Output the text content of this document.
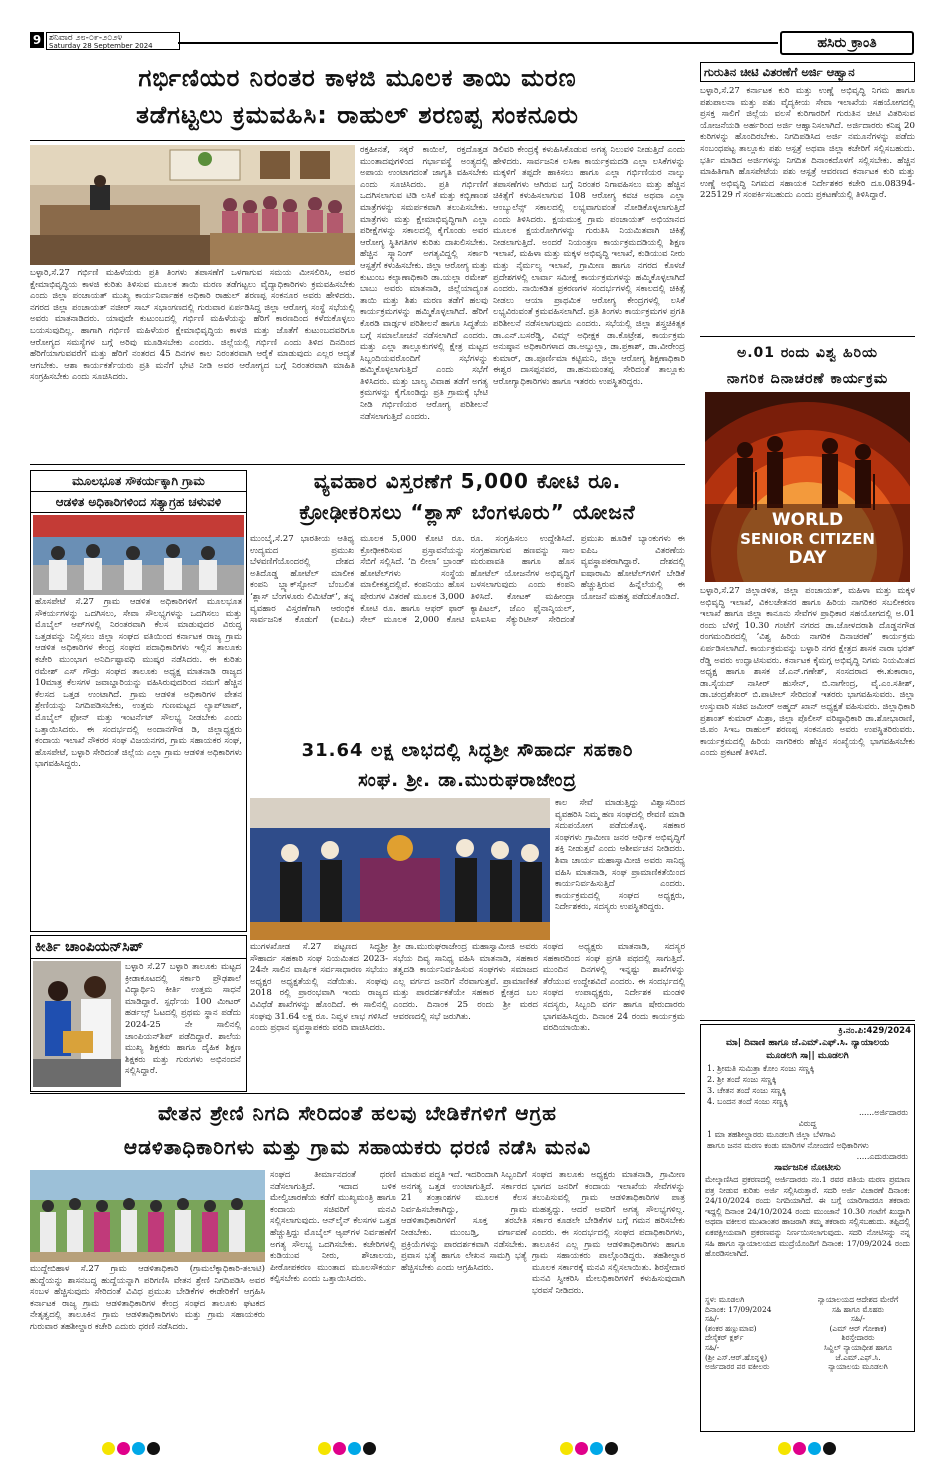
9 ಶನಿವಾರ ೨೮-೦೯-೨೦೨೪
Saturday 28 September 2024	ಹಸಿರು ಕ್ರಾಂತಿ
ಗರ್ಭಿಣಿಯರ ನಿರಂತರ ಕಾಳಜಿ ಮೂಲಕ ತಾಯಿ ಮರಣ
ತಡೆಗಟ್ಟಲು ಕ್ರಮವಹಿಸಿ: ರಾಹುಲ್ ಶರಣಪ್ಪ ಸಂಕನೂರು
ಬಳ್ಳಾರಿ,ಸೆ.27 ಗರ್ಭಿಣಿ ಮಹಿಳೆಯರು ಪ್ರತಿ ತಿಂಗಳು ತಪಾಸಣೆಗೆ ಒಳಗಾಗುವ ಸಮಯ ಮೀಸಲಿರಿಸಿ, ಅವರ ಕ್ಷೇಮಾಭಿವೃದ್ಧಿಯ ಕಾಳಜಿ ಕುರಿತು ತಿಳಿಸುವ ಮೂಲಕ ತಾಯಿ ಮರಣ ತಡೆಗಟ್ಟಲು ವೈದ್ಯಾಧಿಕಾರಿಗಳು ಕ್ರಮವಹಿಸಬೇಕು ಎಂದು ಜಿಲ್ಲಾ ಪಂಚಾಯತ್ ಮುಖ್ಯ ಕಾರ್ಯನಿರ್ವಾಹಕ ಅಧಿಕಾರಿ ರಾಹುಲ್ ಶರಣಪ್ಪ ಸಂಕನೂರ ಅವರು ಹೇಳಿದರು. ನಗರದ ಜಿಲ್ಲಾ ಪಂಚಾಯತ್ ನಜೀರ್ ಸಾಬ್ ಸಭಾಂಗಣದಲ್ಲಿ ಗುರುವಾರ ಏರ್ಪಡಿಸಿದ್ದ ಜಿಲ್ಲಾ ಆರೋಗ್ಯ ಸಂಸ್ಥೆ ಸಭೆಯಲ್ಲಿ ಅವರು ಮಾತನಾಡಿದರು. ಯಾವುದೇ ಕುಟುಂಬದಲ್ಲಿ ಗರ್ಭಿಣಿ ಮಹಿಳೆಯನ್ನು ಹೆರಿಗೆ ಕಾರಣದಿಂದ ಕಳೆದುಕೊಳ್ಳಲು ಬಯಸುವುದಿಲ್ಲ. ಹಾಗಾಗಿ ಗರ್ಭಿಣಿ ಮಹಿಳೆಯರ ಕ್ಷೇಮಾಭಿವೃದ್ಧಿಯ ಕಾಳಜಿ ಮತ್ತು ಜೊತೆಗೆ ಕುಟುಂಬದವರಿಗೂ ಆರೋಗ್ಯದ ಸಮಸ್ಯೆಗಳ ಬಗ್ಗೆ ಅರಿವು ಮೂಡಿಸಬೇಕು ಎಂದರು. ಜಿಲ್ಲೆಯಲ್ಲಿ ಗರ್ಭಿಣಿ ಎಂದು ತಿಳಿದ ದಿನದಿಂದ ಹೆರಿಗೆಯಾಗುವವರೆಗೆ ಮತ್ತು ಹೆರಿಗೆ ನಂತರದ 45 ದಿನಗಳ ಕಾಲ ನಿರಂತರವಾಗಿ ಆರೈಕೆ ಮಾಡುವುದು ಎಲ್ಲರ ಆದ್ಯತೆ ಆಗಬೇಕು. ಆಶಾ ಕಾರ್ಯಕರ್ತೆಯರು ಪ್ರತಿ ಮನೆಗೆ ಭೇಟಿ ನೀಡಿ ಅವರ ಆರೋಗ್ಯದ ಬಗ್ಗೆ ನಿರಂತರವಾಗಿ ಮಾಹಿತಿ ಸಂಗ್ರಹಿಸಬೇಕು ಎಂದು ಸೂಚಿಸಿದರು.
ರಕ್ತಹೀನತೆ, ಸಕ್ಕರೆ ಕಾಯಿಲೆ, ರಕ್ತದೊತ್ತಡ ಮುಂತಾದವುಗಳಿಂದ ಗರ್ಭಾವಸ್ಥೆ ಅಂತ್ಯದಲ್ಲಿ ಅಪಾಯ ಉಂಟಾಗದಂತೆ ಜಾಗೃತಿ ವಹಿಸಬೇಕು ಎಂದು ಸೂಚಿಸಿದರು. ಪ್ರತಿ ಗರ್ಭಿಣಿಗೆ ಒದಗಿಸಲಾಗುವ ಟಿಡಿ ಲಸಿಕೆ ಮತ್ತು ಕಬ್ಬಿಣಾಂಶ ಮಾತ್ರೆಗಳನ್ನು ಸಮರ್ಪಕವಾಗಿ ತಲುಪಿಸಬೇಕು. ಮಾತ್ರೆಗಳು ಮತ್ತು ಕ್ಷೇಮಾಭಿವೃದ್ಧಿಗಾಗಿ ಎಲ್ಲಾ ಪರೀಕ್ಷೆಗಳನ್ನು ಸಕಾಲದಲ್ಲಿ ಕೈಗೊಂಡು ಅವರ ಆರೋಗ್ಯ ಸ್ಥಿತಿಗತಿಗಳ ಕುರಿತು ದಾಖಲಿಸಬೇಕು. ಹೆಚ್ಚಿನ ಸ್ಕ್ಯಾನಿಂಗ್ ಅಗತ್ಯವಿದ್ದಲ್ಲಿ ಸರ್ಕಾರಿ ಆಸ್ಪತ್ರೆಗೆ ಕಳುಹಿಸಬೇಕು. ಜಿಲ್ಲಾ ಆರೋಗ್ಯ ಮತ್ತು ಕುಟುಂಬ ಕಲ್ಯಾಣಾಧಿಕಾರಿ ಡಾ.ಯಲ್ಲಾ ರಮೇಶ್ ಬಾಬು ಅವರು ಮಾತನಾಡಿ, ಜಿಲ್ಲೆಯಾದ್ಯಂತ ತಾಯಿ ಮತ್ತು ಶಿಶು ಮರಣ ತಡೆಗೆ ಹಲವು ಕಾರ್ಯಕ್ರಮಗಳನ್ನು ಹಮ್ಮಿಕೊಳ್ಳಲಾಗಿದೆ. ಹೆರಿಗೆ ಕೊಠಡಿ ವಾರ್ಡ್ಗಳ ಪರಿಶೀಲನೆ ಹಾಗೂ ಸಿದ್ಧತೆಯ ಬಗ್ಗೆ ಸಮಾಲೋಚನೆ ನಡೆಸಲಾಗಿದೆ ಎಂದರು. ಮತ್ತು ಎಲ್ಲಾ ತಾಲ್ಲೂಕುಗಳಲ್ಲಿ ಕ್ಷೇತ್ರ ಮಟ್ಟದ ಸಿಬ್ಬಂದಿಯವರೊಂದಿಗೆ ಸಭೆಗಳನ್ನು ಹಮ್ಮಿಕೊಳ್ಳಲಾಗುತ್ತಿದೆ ಎಂದು ಸಭೆಗೆ ತಿಳಿಸಿದರು. ಮತ್ತು ಬಾಲ್ಯ ವಿವಾಹ ತಡೆಗೆ ಅಗತ್ಯ ಕ್ರಮಗಳನ್ನು ಕೈಗೊಂಡಿದ್ದು ಪ್ರತಿ ಗ್ರಾಮಕ್ಕೆ ಭೇಟಿ ನೀಡಿ ಗರ್ಭಿಣಿಯರ ಆರೋಗ್ಯ ಪರಿಶೀಲನೆ ನಡೆಸಲಾಗುತ್ತಿದೆ ಎಂದರು.
ಡಿಲಿವರಿ ಕೇಂದ್ರಕ್ಕೆ ಕಳುಹಿಸಿಕೊಡುವ ಅಗತ್ಯ ನಿಲುವಳಿ ನೀಡುತ್ತಿದೆ ಎಂದು ಹೇಳಿದರು. ಸಾರ್ವಜನಿಕ ಲಸಿಕಾ ಕಾರ್ಯಕ್ರಮದಡಿ ಎಲ್ಲಾ ಲಸಿಕೆಗಳನ್ನು ಮಕ್ಕಳಿಗೆ ತಪ್ಪದೇ ಹಾಕಿಸಲು ಹಾಗೂ ಎಲ್ಲಾ ಗರ್ಭಿಣಿಯರ ನಾಲ್ಕು ತಪಾಸಣೆಗಳು ಆಗಿರುವ ಬಗ್ಗೆ ನಿರಂತರ ನಿಗಾವಹಿಸಲು ಮತ್ತು ಹೆಚ್ಚಿನ ಚಿಕಿತ್ಸೆಗೆ ಕಳುಹಿಸಲಾಗುವ 108 ಆರೋಗ್ಯ ಕವಚ ಅಥವಾ ಎಲ್ಲಾ ಆಂಬ್ಯುಲೆನ್ಸ್ ಸಕಾಲದಲ್ಲಿ ಲಭ್ಯವಾಗುವಂತೆ ನೋಡಿಕೊಳ್ಳಲಾಗುತ್ತಿದೆ ಎಂದು ತಿಳಿಸಿದರು. ಕ್ಷಯಮುಕ್ತ ಗ್ರಾಮ ಪಂಚಾಯತ್ ಅಭಿಯಾನದ ಮೂಲಕ ಕ್ಷಯರೋಗಿಗಳನ್ನು ಗುರುತಿಸಿ ನಿಯಮಿತವಾಗಿ ಚಿಕಿತ್ಸೆ ನೀಡಲಾಗುತ್ತಿದೆ. ಅಂದರೆ ನಿಯಂತ್ರಣ ಕಾರ್ಯಕ್ರಮದಡಿಯಲ್ಲಿ ಶಿಕ್ಷಣ ಇಲಾಖೆ, ಮಹಿಳಾ ಮತ್ತು ಮಕ್ಕಳ ಅಭಿವೃದ್ಧಿ ಇಲಾಖೆ, ಕುಡಿಯುವ ನೀರು ಮತ್ತು ನೈರ್ಮಲ್ಯ ಇಲಾಖೆ, ಗ್ರಾಮೀಣ ಹಾಗೂ ನಗರದ ಕೊಳಚೆ ಪ್ರದೇಶಗಳಲ್ಲಿ ಲಾರ್ವಾ ಸಮೀಕ್ಷೆ ಕಾರ್ಯಕ್ರಮಗಳನ್ನು ಹಮ್ಮಿಕೊಳ್ಳಲಾಗಿದೆ ಎಂದರು. ನಾಯಿಕಡಿತ ಪ್ರಕರಣಗಳ ಸಂದರ್ಭಗಳಲ್ಲಿ ಸಕಾಲದಲ್ಲಿ ಚಿಕಿತ್ಸೆ ನೀಡಲು ಆಯಾ ಪ್ರಾಥಮಿಕ ಆರೋಗ್ಯ ಕೇಂದ್ರಗಳಲ್ಲಿ ಲಸಿಕೆ ಲಭ್ಯವಿರುವಂತೆ ಕ್ರಮವಹಿಸಲಾಗಿದೆ. ಪ್ರತಿ ತಿಂಗಳು ಕಾರ್ಯಕ್ರಮಗಳ ಪ್ರಗತಿ ಪರಿಶೀಲನೆ ನಡೆಸಲಾಗುವುದು ಎಂದರು. ಸಭೆಯಲ್ಲಿ ಜಿಲ್ಲಾ ಶಸ್ತ್ರಚಿಕಿತ್ಸಕ ಡಾ.ಎನ್.ಬಸರೆಡ್ಡಿ, ವಿಮ್ಸ್ ಅಧೀಕ್ಷಕ ಡಾ.ಕೊಟ್ರೇಶ, ಕಾರ್ಯಕ್ರಮ ಅನುಷ್ಠಾನ ಅಧಿಕಾರಿಗಳಾದ ಡಾ.ಅಬ್ದುಲ್ಲಾ, ಡಾ.ಪ್ರಕಾಶ್, ಡಾ.ವೀರೇಂದ್ರ ಕುಮಾರ್, ಡಾ.ಪೂರ್ಣಿಮಾ ಕಟ್ಟಿಮನಿ, ಜಿಲ್ಲಾ ಆರೋಗ್ಯ ಶಿಕ್ಷಣಾಧಿಕಾರಿ ಈಶ್ವರ ದಾಸಪ್ಪನವರ, ಡಾ.ಹನುಮಂತಪ್ಪ ಸೇರಿದಂತೆ ತಾಲ್ಲೂಕು ಆರೋಗ್ಯಾಧಿಕಾರಿಗಳು ಹಾಗೂ ಇತರರು ಉಪಸ್ಥಿತರಿದ್ದರು.
ಮೂಲಭೂತ ಸೌಕರ್ಯಕ್ಕಾಗಿ ಗ್ರಾಮ
ಆಡಳಿತ ಅಧಿಕಾರಿಗಳಿಂದ ಸತ್ಯಾಗ್ರಹ ಚಳುವಳಿ
ಹೊಸಪೇಟೆ ಸೆ.27 ಗ್ರಾಮ ಆಡಳಿತ ಅಧಿಕಾರಿಗಳಿಗೆ ಮೂಲಭೂತ ಸೌಕರ್ಯಗಳನ್ನು ಒದಗಿಸಲು, ಸೇವಾ ಸೌಲಭ್ಯಗಳನ್ನು ಒದಗಿಸಲು ಮತ್ತು ಮೊಬೈಲ್ ಆಪ್‌ಗಳಲ್ಲಿ ನಿರಂತರವಾಗಿ ಕೆಲಸ ಮಾಡುವುದರ ವಿರುದ್ಧ ಒತ್ತಡವನ್ನು ನಿಲ್ಲಿಸಲು ಜಿಲ್ಲಾ ಸಂಘದ ವತಿಯಿಂದ ಕರ್ನಾಟಕ ರಾಜ್ಯ ಗ್ರಾಮ ಆಡಳಿತ ಅಧಿಕಾರಿಗಳ ಕೇಂದ್ರ ಸಂಘದ ಪದಾಧಿಕಾರಿಗಳು ಇಲ್ಲಿನ ತಾಲೂಕು ಕಚೇರಿ ಮುಂಭಾಗ ಅನಿರ್ದಿಷ್ಟಾವಧಿ ಮುಷ್ಕರ ನಡೆಸಿದರು. ಈ ಕುರಿತು ರಮೇಶ್ ಎಸ್ ಗೌಡ್ರು ಸಂಘದ ತಾಲೂಕು ಅಧ್ಯಕ್ಷ ಮಾತನಾಡಿ ರಾಜ್ಯದ 10ಮಾತ್ರ ಕೆಲಸಗಳ ಜವಾಬ್ದಾರಿಯನ್ನು ವಹಿಸಿರುವುದರಿಂದ ನಮಗೆ ಹೆಚ್ಚಿನ ಕೆಲಸದ ಒತ್ತಡ ಉಂಟಾಗಿದೆ. ಗ್ರಾಮ ಆಡಳಿತ ಅಧಿಕಾರಿಗಳ ವೇತನ ಶ್ರೇಣಿಯನ್ನು ನಿಗದಿಪಡಿಸಬೇಕು, ಉತ್ತಮ ಗುಣಮಟ್ಟದ ಲ್ಯಾಪ್‌ಟಾಪ್, ಮೊಬೈಲ್ ಫೋನ್ ಮತ್ತು ಇಂಟರ್ನೆಟ್ ಸೌಲಭ್ಯ ನೀಡಬೇಕು ಎಂದು ಒತ್ತಾಯಿಸಿದರು. ಈ ಸಂದರ್ಭದಲ್ಲಿ ಅಂದಾನಗೌಡ ಡಿ, ಜಿಲ್ಲಾಧ್ಯಕ್ಷರು ಕಂದಾಯ ಇಲಾಖೆ ನೌಕರರ ಸಂಘ ವಿಜಯನಗರ, ಗ್ರಾಮ ಸಹಾಯಕರ ಸಂಘ, ಹೊಸಪೇಟೆ, ಬಳ್ಳಾರಿ ಸೇರಿದಂತೆ ಜಿಲ್ಲೆಯ ಎಲ್ಲಾ ಗ್ರಾಮ ಆಡಳಿತ ಅಧಿಕಾರಿಗಳು ಭಾಗವಹಿಸಿದ್ದರು.
ವ್ಯವಹಾರ ವಿಸ್ತರಣೆಗೆ 5,000 ಕೋಟಿ ರೂ.
ಕ್ರೋಢೀಕರಿಸಲು “ಶ್ಲಾಸ್ ಬೆಂಗಳೂರು” ಯೋಜನೆ
ಮುಂಬೈ,ಸೆ.27 ಭಾರತೀಯ ಆತಿಥ್ಯ ಉದ್ಯಮದ ಪ್ರಮುಖ ಬೆಳವಣಿಗೆಯೊಂದರಲ್ಲಿ ದೇಶದ ಅತಿದೊಡ್ಡ ಹೋಟೆಲ್ ಮಾಲೀಕ ಕಂಪನಿ ಬ್ಲ್ಯಾಕ್‌ಸ್ಟೋನ್ ಬೆಂಬಲಿತ ‘ಶ್ಲಾಸ್ ಬೆಂಗಳೂರು ಲಿಮಿಟೆಡ್’, ತನ್ನ ವ್ಯವಹಾರ ವಿಸ್ತರಣೆಗಾಗಿ ಆರಂಭಿಕ ಸಾರ್ವಜನಿಕ ಕೊಡುಗೆ (ಐಪಿಒ) ಮೂಲಕ 5,000 ಕೋಟಿ ರೂ. ಕ್ರೋಢೀಕರಿಸುವ ಪ್ರಸ್ತಾವನೆಯನ್ನು ಸೆಬಿಗೆ ಸಲ್ಲಿಸಿದೆ. ‘ದಿ ಲೀಲಾ’ ಬ್ರಾಂಡ್ ಹೋಟೆಲ್‌ಗಳು ಸಂಸ್ಥೆಯ ಮಾಲೀಕತ್ವದಲ್ಲಿವೆ. ಕಂಪನಿಯು ಹೊಸ ಷೇರುಗಳ ವಿತರಣೆ ಮೂಲಕ 3,000 ಕೋಟಿ ರೂ. ಹಾಗೂ ಆಫರ್ ಫಾರ್ ಸೇಲ್ ಮೂಲಕ 2,000 ಕೋಟಿ ರೂ. ಸಂಗ್ರಹಿಸಲು ಉದ್ದೇಶಿಸಿದೆ. ಸಂಗ್ರಹವಾಗುವ ಹಣವನ್ನು ಸಾಲ ಮರುಪಾವತಿ ಹಾಗೂ ಹೊಸ ಹೋಟೆಲ್ ಯೋಜನೆಗಳ ಅಭಿವೃದ್ಧಿಗೆ ಬಳಸಲಾಗುವುದು ಎಂದು ಕಂಪನಿ ತಿಳಿಸಿದೆ. ಕೋಟಕ್ ಮಹೀಂದ್ರಾ ಕ್ಯಾಪಿಟಲ್, ಜೆಎಂ ಫೈನಾನ್ಶಿಯಲ್, ಐಸಿಐಸಿಐ ಸೆಕ್ಯುರಿಟೀಸ್ ಸೇರಿದಂತೆ ಪ್ರಮುಖ ಹೂಡಿಕೆ ಬ್ಯಾಂಕುಗಳು ಈ ಐಪಿಒ ವಿತರಣೆಯ ವ್ಯವಸ್ಥಾಪಕರಾಗಿದ್ದಾರೆ. ದೇಶದಲ್ಲಿ ಐಷಾರಾಮಿ ಹೋಟೆಲ್‌ಗಳಿಗೆ ಬೇಡಿಕೆ ಹೆಚ್ಚುತ್ತಿರುವ ಹಿನ್ನೆಲೆಯಲ್ಲಿ ಈ ಯೋಜನೆ ಮಹತ್ವ ಪಡೆದುಕೊಂಡಿದೆ.
31.64 ಲಕ್ಷ ಲಾಭದಲ್ಲಿ ಸಿದ್ಧಶ್ರೀ ಸೌಹಾರ್ದ ಸಹಕಾರಿ
ಸಂಘ. ಶ್ರೀ. ಡಾ.ಮುರುಘರಾಜೇಂದ್ರ
ಕಾಲ ಸೇವೆ ಮಾಡುತ್ತಿದ್ದು ವಿಶ್ವಾಸದಿಂದ ವ್ಯವಹರಿಸಿ ನಿಮ್ಮ ಹಣ ಸಂಘದಲ್ಲಿ ಠೇವಣಿ ಮಾಡಿ ಸದುಪಯೋಗ ಪಡೆದುಕೊಳ್ಳಿ. ಸಹಕಾರ ಸಂಘಗಳು ಗ್ರಾಮೀಣ ಜನರ ಆರ್ಥಿಕ ಅಭಿವೃದ್ಧಿಗೆ ಶಕ್ತಿ ನೀಡುತ್ತವೆ ಎಂದು ಆಶೀರ್ವಚನ ನೀಡಿದರು. ಶಿವಾ ಚಾರ್ಯ ಮಹಾಸ್ವಾಮೀಜಿ ಅವರು ಸಾನಿಧ್ಯ ವಹಿಸಿ ಮಾತನಾಡಿ, ಸಂಘ ಪ್ರಾಮಾಣಿಕತೆಯಿಂದ ಕಾರ್ಯನಿರ್ವಹಿಸುತ್ತಿದೆ ಎಂದರು. ಕಾರ್ಯಕ್ರಮದಲ್ಲಿ ಸಂಘದ ಅಧ್ಯಕ್ಷರು, ನಿರ್ದೇಶಕರು, ಸದಸ್ಯರು ಉಪಸ್ಥಿತರಿದ್ದರು.
ಮುಗಳಖೋಡ ಸೆ.27 ಪಟ್ಟಣದ ಸಿದ್ಧಶ್ರೀ ಸೌಹಾರ್ದ ಸಹಕಾರಿ ಸಂಘ ನಿಯಮಿತದ 2023-24ನೇ ಸಾಲಿನ ವಾರ್ಷಿಕ ಸರ್ವಸಾಧಾರಣ ಸಭೆಯು ಅಧ್ಯಕ್ಷರ ಅಧ್ಯಕ್ಷತೆಯಲ್ಲಿ ನಡೆಯಿತು. ಸಂಘವು 2018 ರಲ್ಲಿ ಪ್ರಾರಂಭವಾಗಿ ಇಂದು ರಾಜ್ಯದ ವಿವಿಧೆಡೆ ಶಾಖೆಗಳನ್ನು ಹೊಂದಿದೆ. ಈ ಸಾಲಿನಲ್ಲಿ ಸಂಘವು 31.64 ಲಕ್ಷ ರೂ. ನಿವ್ವಳ ಲಾಭ ಗಳಿಸಿದೆ ಎಂದು ಪ್ರಧಾನ ವ್ಯವಸ್ಥಾಪಕರು ವರದಿ ವಾಚಿಸಿದರು.
ಶ್ರೀ ಡಾ.ಮುರುಘರಾಜೇಂದ್ರ ಮಹಾಸ್ವಾಮೀಜಿ ಅವರು ಸಭೆಯ ದಿವ್ಯ ಸಾನಿಧ್ಯ ವಹಿಸಿ ಮಾತನಾಡಿ, ಸಹಕಾರ ತತ್ವದಡಿ ಕಾರ್ಯನಿರ್ವಹಿಸುವ ಸಂಘಗಳು ಸಮಾಜದ ಎಲ್ಲ ವರ್ಗದ ಜನರಿಗೆ ನೆರವಾಗುತ್ತವೆ. ಪ್ರಾಮಾಣಿಕತೆ ಮತ್ತು ಪಾರದರ್ಶಕತೆಯೇ ಸಹಕಾರ ಕ್ಷೇತ್ರದ ಬಲ ಎಂದರು. ದಿನಾಂಕ 25 ರಂದು ಶ್ರೀ ಮಠದ ಆವರಣದಲ್ಲಿ ಸಭೆ ಜರುಗಿತು.
ಸಂಘದ ಅಧ್ಯಕ್ಷರು ಮಾತನಾಡಿ, ಸದಸ್ಯರ ಸಹಕಾರದಿಂದ ಸಂಘ ಪ್ರಗತಿ ಪಥದಲ್ಲಿ ಸಾಗುತ್ತಿದೆ. ಮುಂದಿನ ದಿನಗಳಲ್ಲಿ ಇನ್ನಷ್ಟು ಶಾಖೆಗಳನ್ನು ತೆರೆಯುವ ಉದ್ದೇಶವಿದೆ ಎಂದರು. ಈ ಸಂದರ್ಭದಲ್ಲಿ ಸಂಘದ ಉಪಾಧ್ಯಕ್ಷರು, ನಿರ್ದೇಶಕ ಮಂಡಳಿ ಸದಸ್ಯರು, ಸಿಬ್ಬಂದಿ ವರ್ಗ ಹಾಗೂ ಷೇರುದಾರರು ಭಾಗವಹಿಸಿದ್ದರು. ದಿನಾಂಕ 24 ರಂದು ಕಾರ್ಯಕ್ರಮ ವರದಿಯಾಯಿತು.
ಕೀರ್ತಿ ಚಾಂಪಿಯನ್‌ಸಿಪ್
ಬಳ್ಳಾರಿ ಸೆ.27 ಬಳ್ಳಾರಿ ತಾಲೂಕು ಮಟ್ಟದ ಕ್ರೀಡಾಕೂಟದಲ್ಲಿ ಸರ್ಕಾರಿ ಪ್ರೌಢಶಾಲೆ ವಿದ್ಯಾರ್ಥಿನಿ ಕೀರ್ತಿ ಉತ್ತಮ ಸಾಧನೆ ಮಾಡಿದ್ದಾರೆ. ಸ್ಪರ್ಧೆಯ 100 ಮೀಟರ್ ಹರ್ಡಲ್ಸ್ ಓಟದಲ್ಲಿ ಪ್ರಥಮ ಸ್ಥಾನ ಪಡೆದು 2024-25 ನೇ ಸಾಲಿನಲ್ಲಿ ಚಾಂಪಿಯನ್‌ಶಿಪ್ ಪಡೆದಿದ್ದಾರೆ. ಶಾಲೆಯ ಮುಖ್ಯ ಶಿಕ್ಷಕರು ಹಾಗೂ ದೈಹಿಕ ಶಿಕ್ಷಣ ಶಿಕ್ಷಕರು ಮತ್ತು ಗುರುಗಳು ಅಭಿನಂದನೆ ಸಲ್ಲಿಸಿದ್ದಾರೆ.
ಗುರುತಿನ ಚೀಟಿ ವಿತರಣೆಗೆ ಅರ್ಜಿ ಆಹ್ವಾನ
ಬಳ್ಳಾರಿ,ಸೆ.27 ಕರ್ನಾಟಕ ಕುರಿ ಮತ್ತು ಉಣ್ಣೆ ಅಭಿವೃದ್ಧಿ ನಿಗಮ ಹಾಗೂ ಪಶುಪಾಲನಾ ಮತ್ತು ಪಶು ವೈದ್ಯಕೀಯ ಸೇವಾ ಇಲಾಖೆಯ ಸಹಯೋಗದಲ್ಲಿ ಪ್ರಸಕ್ತ ಸಾಲಿಗೆ ಜಿಲ್ಲೆಯ ವಲಸೆ ಕುರಿಗಾರರಿಗೆ ಗುರುತಿನ ಚೀಟಿ ವಿತರಿಸುವ ಯೋಜನೆಯಡಿ ಅರ್ಹರಿಂದ ಅರ್ಜಿ ಆಹ್ವಾನಿಸಲಾಗಿದೆ. ಅರ್ಜಿದಾರರು ಕನಿಷ್ಠ 20 ಕುರಿಗಳನ್ನು ಹೊಂದಿರಬೇಕು. ನಿಗದಿಪಡಿಸಿದ ಅರ್ಜಿ ನಮೂನೆಗಳನ್ನು ಪಡೆದು ಸಂಬಂಧಪಟ್ಟ ತಾಲ್ಲೂಕು ಪಶು ಆಸ್ಪತ್ರೆ ಅಥವಾ ಜಿಲ್ಲಾ ಕಚೇರಿಗೆ ಸಲ್ಲಿಸಬಹುದು. ಭರ್ತಿ ಮಾಡಿದ ಅರ್ಜಿಗಳನ್ನು ನಿಗದಿತ ದಿನಾಂಕದೊಳಗೆ ಸಲ್ಲಿಸಬೇಕು. ಹೆಚ್ಚಿನ ಮಾಹಿತಿಗಾಗಿ ಹೊಸಪೇಟೆಯ ಪಶು ಆಸ್ಪತ್ರೆ ಆವರಣದ ಕರ್ನಾಟಕ ಕುರಿ ಮತ್ತು ಉಣ್ಣೆ ಅಭಿವೃದ್ಧಿ ನಿಗಮದ ಸಹಾಯಕ ನಿರ್ದೇಶಕರ ಕಚೇರಿ ದೂ.08394-225129 ಗೆ ಸಂಪರ್ಕಿಸಬಹುದು ಎಂದು ಪ್ರಕಟಣೆಯಲ್ಲಿ ತಿಳಿಸಿದ್ದಾರೆ.
ಅ.01 ರಂದು ವಿಶ್ವ ಹಿರಿಯ
ನಾಗರಿಕ ದಿನಾಚರಣೆ ಕಾರ್ಯಕ್ರಮ
WORLD
SENIOR CITIZEN
DAY
ಬಳ್ಳಾರಿ,ಸೆ.27 ಜಿಲ್ಲಾಡಳಿತ, ಜಿಲ್ಲಾ ಪಂಚಾಯತ್, ಮಹಿಳಾ ಮತ್ತು ಮಕ್ಕಳ ಅಭಿವೃದ್ಧಿ ಇಲಾಖೆ, ವಿಕಲಚೇತನರ ಹಾಗೂ ಹಿರಿಯ ನಾಗರಿಕರ ಸಬಲೀಕರಣ ಇಲಾಖೆ ಹಾಗೂ ಜಿಲ್ಲಾ ಕಾನೂನು ಸೇವೆಗಳ ಪ್ರಾಧಿಕಾರ ಸಹಯೋಗದಲ್ಲಿ ಅ.01 ರಂದು ಬೆಳಿಗ್ಗೆ 10.30 ಗಂಟೆಗೆ ನಗರದ ಡಾ.ಜೋಳದರಾಶಿ ದೊಡ್ಡನಗೌಡ ರಂಗಮಂದಿರದಲ್ಲಿ ‘ವಿಶ್ವ ಹಿರಿಯ ನಾಗರಿಕ ದಿನಾಚರಣೆ’ ಕಾರ್ಯಕ್ರಮ ಏರ್ಪಡಿಸಲಾಗಿದೆ. ಕಾರ್ಯಕ್ರಮವನ್ನು ಬಳ್ಳಾರಿ ನಗರ ಕ್ಷೇತ್ರದ ಶಾಸಕ ನಾರಾ ಭರತ್ ರೆಡ್ಡಿ ಅವರು ಉದ್ಘಾಟಿಸುವರು. ಕರ್ನಾಟಕ ಕೈಮಗ್ಗ ಅಭಿವೃದ್ಧಿ ನಿಗಮ ನಿಯಮಿತದ ಅಧ್ಯಕ್ಷ ಹಾಗೂ ಶಾಸಕ ಜೆ.ಎನ್.ಗಣೇಶ್, ಸಂಸದರಾದ ಈ.ತುಕಾರಾಂ, ಡಾ.ಸೈಯದ್ ನಾಸೀರ್ ಹುಸೇನ್, ಬಿ.ನಾಗೇಂದ್ರ, ವೈ.ಎಂ.ಸತೀಶ್, ಡಾ.ಚಂದ್ರಶೇಖರ್ ಬಿ.ಪಾಟೀಲ್ ಸೇರಿದಂತೆ ಇತರರು ಭಾಗವಹಿಸುವರು. ಜಿಲ್ಲಾ ಉಸ್ತುವಾರಿ ಸಚಿವ ಜಮೀರ್ ಅಹ್ಮದ್ ಖಾನ್ ಅಧ್ಯಕ್ಷತೆ ವಹಿಸುವರು. ಜಿಲ್ಲಾಧಿಕಾರಿ ಪ್ರಶಾಂತ್ ಕುಮಾರ್ ಮಿಶ್ರಾ, ಜಿಲ್ಲಾ ಪೊಲೀಸ್ ವರಿಷ್ಠಾಧಿಕಾರಿ ಡಾ.ಶೋಭಾರಾಣಿ, ಜಿ.ಪಂ ಸಿಇಒ ರಾಹುಲ್ ಶರಣಪ್ಪ ಸಂಕನೂರು ಅವರು ಉಪಸ್ಥಿತರಿರುವರು. ಕಾರ್ಯಕ್ರಮದಲ್ಲಿ ಹಿರಿಯ ನಾಗರಿಕರು ಹೆಚ್ಚಿನ ಸಂಖ್ಯೆಯಲ್ಲಿ ಭಾಗವಹಿಸಬೇಕು ಎಂದು ಪ್ರಕಟಣೆ ತಿಳಿಸಿದೆ.
ಕ್ರಿ.ನಂ.ಪಿ:429/2024
ಮಾ| ದಿವಾಣಿ ಹಾಗೂ ಜೆ.ಎಮ್.ಎಫ್.ಸಿ. ನ್ಯಾಯಾಲಯ
ಮೂಡಲಗಿ ಸಾ|| ಮೂಡಲಗಿ
1. ಶ್ರೀಮತಿ ಸುಮಿತ್ರಾ ಕೋಂ ಸಂಜು ಸಣ್ಣಕ್ಕಿ
2. ಶ್ರೀ ತಂದೆ ಸಂಜು ಸಣ್ಣಕ್ಕಿ
3. ಚೇತನ ತಂದೆ ಸಂಜು ಸಣ್ಣಕ್ಕಿ
4. ಬಂದನ ತಂದೆ ಸಂಜು ಸಣ್ಣಕ್ಕಿ
......ಅರ್ಜಿದಾರರು
ವಿರುದ್ಧ
1 ಮಾ ತಹಶೀಲ್ದಾರರು ಮೂಡಲಗಿ ಜಿಲ್ಲಾ ಬೆಳಗಾವಿ
ಹಾಗೂ ಜನನ ಮರಣ ಕಂಡು ಮಾರಿಗಳ ನೋಂದಣಿ ಅಧಿಕಾರಿಗಳು
.....ಎದುರುದಾರರು
ಸಾರ್ವಜನಿಕ ನೋಟೀಸು
ಮೇಲ್ಕಾಣಿಸಿದ ಪ್ರಕರಣದಲ್ಲಿ ಅರ್ಜಿದಾರರು ನಂ.1 ರವರ ಪತಿಯ ಮರಣ ಪ್ರಮಾಣ ಪತ್ರ ನೀಡುವ ಕುರಿತು ಅರ್ಜಿ ಸಲ್ಲಿಸಿರುತ್ತಾರೆ. ಸದರಿ ಅರ್ಜಿ ವಿಚಾರಣೆ ದಿನಾಂಕ: 24/10/2024 ರಂದು ನಿಗದಿಯಾಗಿದೆ. ಈ ಬಗ್ಗೆ ಯಾರಿಗಾದರೂ ತಕರಾರು ಇದ್ದಲ್ಲಿ ದಿನಾಂಕ 24/10/2024 ರಂದು ಮುಂಜಾನೆ 10.30 ಗಂಟೆಗೆ ಖುದ್ದಾಗಿ ಅಥವಾ ವಕೀಲರ ಮುಖಾಂತರ ಹಾಜರಾಗಿ ತಮ್ಮ ತಕರಾರು ಸಲ್ಲಿಸಬಹುದು. ತಪ್ಪಿದಲ್ಲಿ ಏಕಪಕ್ಷೀಯವಾಗಿ ಪ್ರಕರಣವನ್ನು ನಿರ್ಣಯಿಸಲಾಗುವುದು. ಸದರಿ ನೋಟಿಸನ್ನು ನನ್ನ ಸಹಿ ಹಾಗೂ ನ್ಯಾಯಾಲಯದ ಮುದ್ರೆಯೊಂದಿಗೆ ದಿನಾಂಕ: 17/09/2024 ರಂದು ಹೊರಡಿಸಲಾಗಿದೆ.
ಸ್ಥಳ: ಮೂಡಲಗಿ
ದಿನಾಂಕ: 17/09/2024
ಸಹಿ/-
(ಶಂಕರ ಹಣ್ಣುಮಾವ)
ದೇಸೈಕರ್ ಕ್ಲರ್ಕ್
ಸಹಿ/-
(ಶ್ರೀ ಎಸ್.ಆರ್.ಹೊನ್ನಳ್ಳಿ)
ಅರ್ಜಿದಾರರ ಪರ ವಕೀಲರು
ನ್ಯಾಯಾಲಯದ ಆದೇಶದ ಮೇರೆಗೆ
ಸಹಿ ಹಾಗೂ ಮೊಹರು
ಸಹಿ/-
(ಎಮ್ ಆರ್ ಗೋಕಾಕ)
ಶಿರಸ್ತೇದಾರರು
ಸಿವ್ಹಿಲ್ ನ್ಯಾಯಾಧೀಶ ಹಾಗೂ ಜೆ.ಎಮ್.ಎಫ್.ಸಿ.
ನ್ಯಾಯಾಲಯ ಮೂಡಲಗಿ
ವೇತನ ಶ್ರೇಣಿ ನಿಗದಿ ಸೇರಿದಂತೆ ಹಲವು ಬೇಡಿಕೆಗಳಿಗೆ ಆಗ್ರಹ
ಆಡಳಿತಾಧಿಕಾರಿಗಳು ಮತ್ತು ಗ್ರಾಮ ಸಹಾಯಕರು ಧರಣಿ ನಡೆಸಿ ಮನವಿ
ಮುದ್ದೇಬಿಹಾಳ ಸೆ.27 ಗ್ರಾಮ ಆಡಳಿತಾಧಿಕಾರಿ (ಗ್ರಾಮಲೆಕ್ಕಾಧಿಕಾರಿ-ತಲಾಟಿ) ಹುದ್ದೆಯನ್ನು ಶಾಸನಬದ್ಧ ಹುದ್ದೆಯನ್ನಾಗಿ ಪರಿಗಣಿಸಿ ವೇತನ ಶ್ರೇಣಿ ನಿಗದಿಪಡಿಸಿ ಅವರ ಸಂಬಳ ಹೆಚ್ಚಿಸುವುದು ಸೇರಿದಂತೆ ವಿವಿಧ ಪ್ರಮುಖ ಬೇಡಿಕೆಗಳ ಈಡೇರಿಕೆಗೆ ಆಗ್ರಹಿಸಿ ಕರ್ನಾಟಕ ರಾಜ್ಯ ಗ್ರಾಮ ಆಡಳಿತಾಧಿಕಾರಿಗಳ ಕೇಂದ್ರ ಸಂಘದ ತಾಲೂಕು ಘಟಕದ ನೇತೃತ್ವದಲ್ಲಿ ತಾಲೂಕಿನ ಗ್ರಾಮ ಆಡಳಿತಾಧಿಕಾರಿಗಳು ಮತ್ತು ಗ್ರಾಮ ಸಹಾಯಕರು ಗುರುವಾರ ತಹಶೀಲ್ದಾರ ಕಚೇರಿ ಎದುರು ಧರಣಿ ನಡೆಸಿದರು.
ಸಂಘದ ತೀರ್ಮಾನದಂತೆ ಧರಣಿ ನಡೆಸಲಾಗುತ್ತಿದೆ. ಇದಾದ ಬಳಿಕ ಮೇಲ್ವಿಚಾರಣೆಯ ಕಡೆಗೆ ಮುಖ್ಯಮಂತ್ರಿ ಹಾಗೂ ಕಂದಾಯ ಸಚಿವರಿಗೆ ಮನವಿ ಸಲ್ಲಿಸಲಾಗುವುದು. ಆನ್‌ಲೈನ್ ಕೆಲಸಗಳ ಒತ್ತಡ ಹೆಚ್ಚುತ್ತಿದ್ದು ಮೊಬೈಲ್ ಆ್ಯಪ್‌ಗಳ ನಿರ್ವಹಣೆಗೆ ಅಗತ್ಯ ಸೌಲಭ್ಯ ಒದಗಿಸಬೇಕು. ಕಚೇರಿಗಳಲ್ಲಿ ಕುಡಿಯುವ ನೀರು, ಶೌಚಾಲಯ, ಪೀಠೋಪಕರಣ ಮುಂತಾದ ಮೂಲಸೌಕರ್ಯ ಕಲ್ಪಿಸಬೇಕು ಎಂದು ಒತ್ತಾಯಿಸಿದರು.
ಮಾಡುವ ಪದ್ಧತಿ ಇದೆ. ಇದರಿಂದಾಗಿ ಸಿಬ್ಬಂದಿಗೆ ಅನಗತ್ಯ ಒತ್ತಡ ಉಂಟಾಗುತ್ತಿದೆ. ಸರ್ಕಾರದ 21 ತಂತ್ರಾಂಶಗಳ ಮೂಲಕ ಕೆಲಸ ನಿರ್ವಹಿಸಬೇಕಾಗಿದ್ದು, ಗ್ರಾಮ ಆಡಳಿತಾಧಿಕಾರಿಗಳಿಗೆ ಸೂಕ್ತ ತರಬೇತಿ ನೀಡಬೇಕು. ಮುಂಬಡ್ತಿ, ವರ್ಗಾವಣೆ ಪ್ರಕ್ರಿಯೆಗಳನ್ನು ಪಾರದರ್ಶಕವಾಗಿ ನಡೆಸಬೇಕು. ಪ್ರವಾಸ ಭತ್ಯೆ ಹಾಗೂ ಲೇಖನ ಸಾಮಗ್ರಿ ಭತ್ಯೆ ಹೆಚ್ಚಿಸಬೇಕು ಎಂದು ಆಗ್ರಹಿಸಿದರು.
ಸಂಘದ ತಾಲೂಕು ಅಧ್ಯಕ್ಷರು ಮಾತನಾಡಿ, ಗ್ರಾಮೀಣ ಭಾಗದ ಜನರಿಗೆ ಕಂದಾಯ ಇಲಾಖೆಯ ಸೇವೆಗಳನ್ನು ತಲುಪಿಸುವಲ್ಲಿ ಗ್ರಾಮ ಆಡಳಿತಾಧಿಕಾರಿಗಳ ಪಾತ್ರ ಮಹತ್ವದ್ದು. ಆದರೆ ಅವರಿಗೆ ಅಗತ್ಯ ಸೌಲಭ್ಯಗಳಿಲ್ಲ. ಸರ್ಕಾರ ಕೂಡಲೇ ಬೇಡಿಕೆಗಳ ಬಗ್ಗೆ ಗಮನ ಹರಿಸಬೇಕು ಎಂದರು. ಈ ಸಂದರ್ಭದಲ್ಲಿ ಸಂಘದ ಪದಾಧಿಕಾರಿಗಳು, ತಾಲೂಕಿನ ಎಲ್ಲ ಗ್ರಾಮ ಆಡಳಿತಾಧಿಕಾರಿಗಳು ಹಾಗೂ ಗ್ರಾಮ ಸಹಾಯಕರು ಪಾಲ್ಗೊಂಡಿದ್ದರು. ತಹಶೀಲ್ದಾರ ಮೂಲಕ ಸರ್ಕಾರಕ್ಕೆ ಮನವಿ ಸಲ್ಲಿಸಲಾಯಿತು. ಶಿರಸ್ತೇದಾರ ಮನವಿ ಸ್ವೀಕರಿಸಿ ಮೇಲಧಿಕಾರಿಗಳಿಗೆ ಕಳುಹಿಸುವುದಾಗಿ ಭರವಸೆ ನೀಡಿದರು.
